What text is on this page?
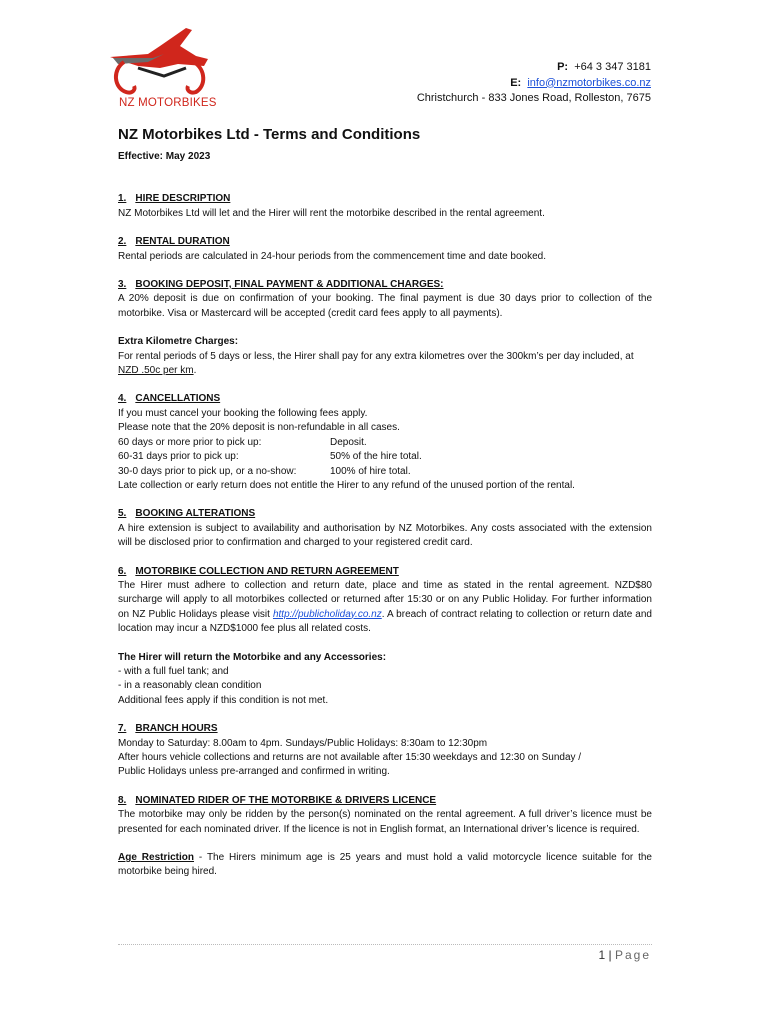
NZ MOTORBIKES
P: +64 3 347 3181
E: info@nzmotorbikes.co.nz
Christchurch - 833 Jones Road, Rolleston, 7675
NZ Motorbikes Ltd - Terms and Conditions
Effective: May 2023
1. HIRE DESCRIPTION

NZ Motorbikes Ltd will let and the Hirer will rent the motorbike described in the rental agreement.

2. RENTAL DURATION

Rental periods are calculated in 24-hour periods from the commencement time and date booked.

3. BOOKING DEPOSIT, FINAL PAYMENT & ADDITIONAL CHARGES:

A 20% deposit is due on confirmation of your booking. The final payment is due 30 days prior to collection of the motorbike. Visa or Mastercard will be accepted (credit card fees apply to all payments).

Extra Kilometre Charges:

For rental periods of 5 days or less, the Hirer shall pay for any extra kilometres over the 300km’s per day included, at NZD .50c per km.

4. CANCELLATIONS

If you must cancel your booking the following fees apply.

Please note that the 20% deposit is non-refundable in all cases.

60 days or more prior to pick up:	Deposit.
60-31 days prior to pick up:	50% of the hire total.
30-0 days prior to pick up, or a no-show:	100% of hire total.

Late collection or early return does not entitle the Hirer to any refund of the unused portion of the rental.

5. BOOKING ALTERATIONS

A hire extension is subject to availability and authorisation by NZ Motorbikes. Any costs associated with the extension will be disclosed prior to confirmation and charged to your registered credit card.

6. MOTORBIKE COLLECTION AND RETURN AGREEMENT

The Hirer must adhere to collection and return date, place and time as stated in the rental agreement. NZD$80 surcharge will apply to all motorbikes collected or returned after 15:30 or on any Public Holiday. For further information on NZ Public Holidays please visit http://publicholiday.co.nz. A breach of contract relating to collection or return date and location may incur a NZD$1000 fee plus all related costs.

The Hirer will return the Motorbike and any Accessories:

- with a full fuel tank; and

- in a reasonably clean condition

Additional fees apply if this condition is not met.

7. BRANCH HOURS

Monday to Saturday: 8.00am to 4pm. Sundays/Public Holidays: 8:30am to 12:30pm

After hours vehicle collections and returns are not available after 15:30 weekdays and 12:30 on Sunday /

Public Holidays unless pre-arranged and confirmed in writing.

8. NOMINATED RIDER OF THE MOTORBIKE & DRIVERS LICENCE

The motorbike may only be ridden by the person(s) nominated on the rental agreement. A full driver’s licence must be presented for each nominated driver. If the licence is not in English format, an International driver’s licence is required.

Age Restriction - The Hirers minimum age is 25 years and must hold a valid motorcycle licence suitable for the motorbike being hired.

1 | Page
